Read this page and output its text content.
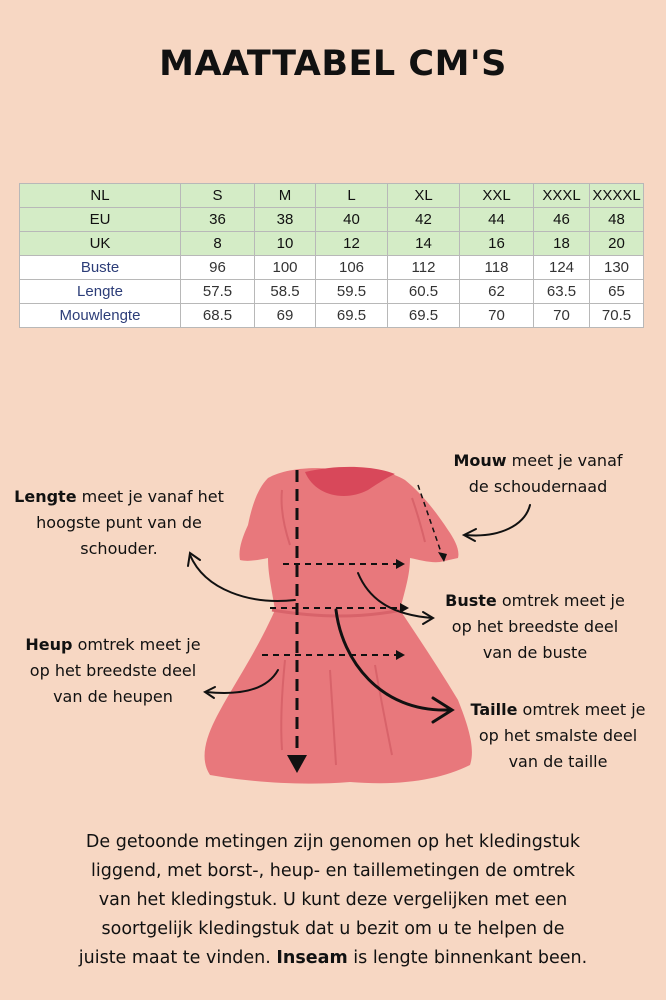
MAATTABEL CM'S
NL	S	M	L	XL	XXL	XXXL	XXXXL
EU	36	38	40	42	44	46	48
UK	8	10	12	14	16	18	20
Buste	96	100	106	112	118	124	130
Lengte	57.5	58.5	59.5	60.5	62	63.5	65
Mouwlengte	68.5	69	69.5	69.5	70	70	70.5
Lengte meet je vanaf het
hoogste punt van de
schouder.
Mouw meet je vanaf
de schoudernaad
Buste omtrek meet je
op het breedste deel
van de buste
Heup omtrek meet je
op het breedste deel
van de heupen
Taille omtrek meet je
op het smalste deel
van de taille
De getoonde metingen zijn genomen op het kledingstuk
liggend, met borst-, heup- en taillemetingen de omtrek
van het kledingstuk. U kunt deze vergelijken met een
soortgelijk kledingstuk dat u bezit om u te helpen de
juiste maat te vinden. Inseam is lengte binnenkant been.
